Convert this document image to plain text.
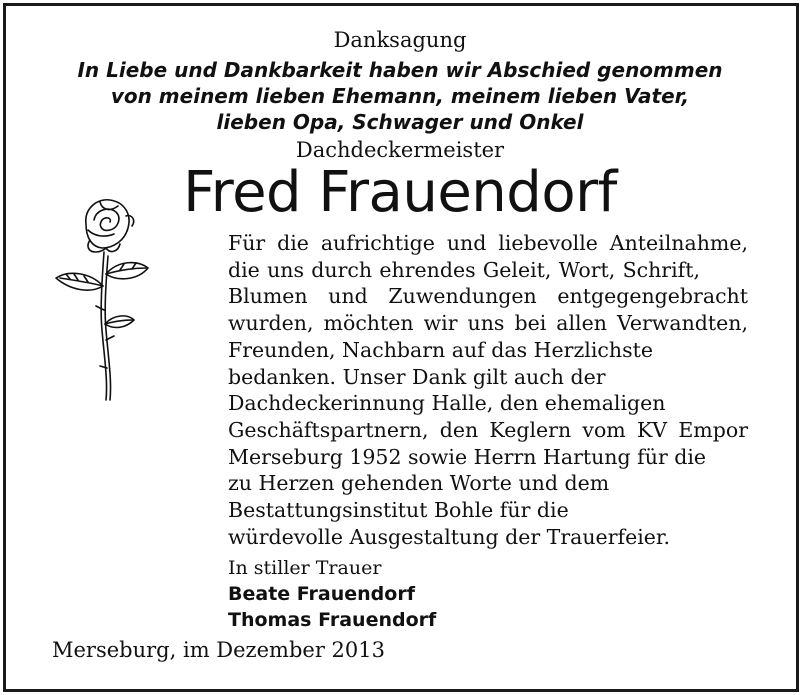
Danksagung
In Liebe und Dankbarkeit haben wir Abschied genommen
von meinem lieben Ehemann, meinem lieben Vater,
lieben Opa, Schwager und Onkel
Dachdeckermeister
Fred Frauendorf
Für die aufrichtige und liebevolle Anteilnahme,
die uns durch ehrendes Geleit, Wort, Schrift,
Blumen und Zuwendungen entgegengebracht
wurden, möchten wir uns bei allen Verwandten,
Freunden, Nachbarn auf das Herzlichste
bedanken. Unser Dank gilt auch der
Dachdeckerinnung Halle, den ehemaligen
Geschäftspartnern, den Keglern vom KV Empor
Merseburg 1952 sowie Herrn Hartung für die
zu Herzen gehenden Worte und dem
Bestattungsinstitut Bohle für die
würdevolle Ausgestaltung der Trauerfeier.
In stiller Trauer
Beate Frauendorf
Thomas Frauendorf
Merseburg, im Dezember 2013
